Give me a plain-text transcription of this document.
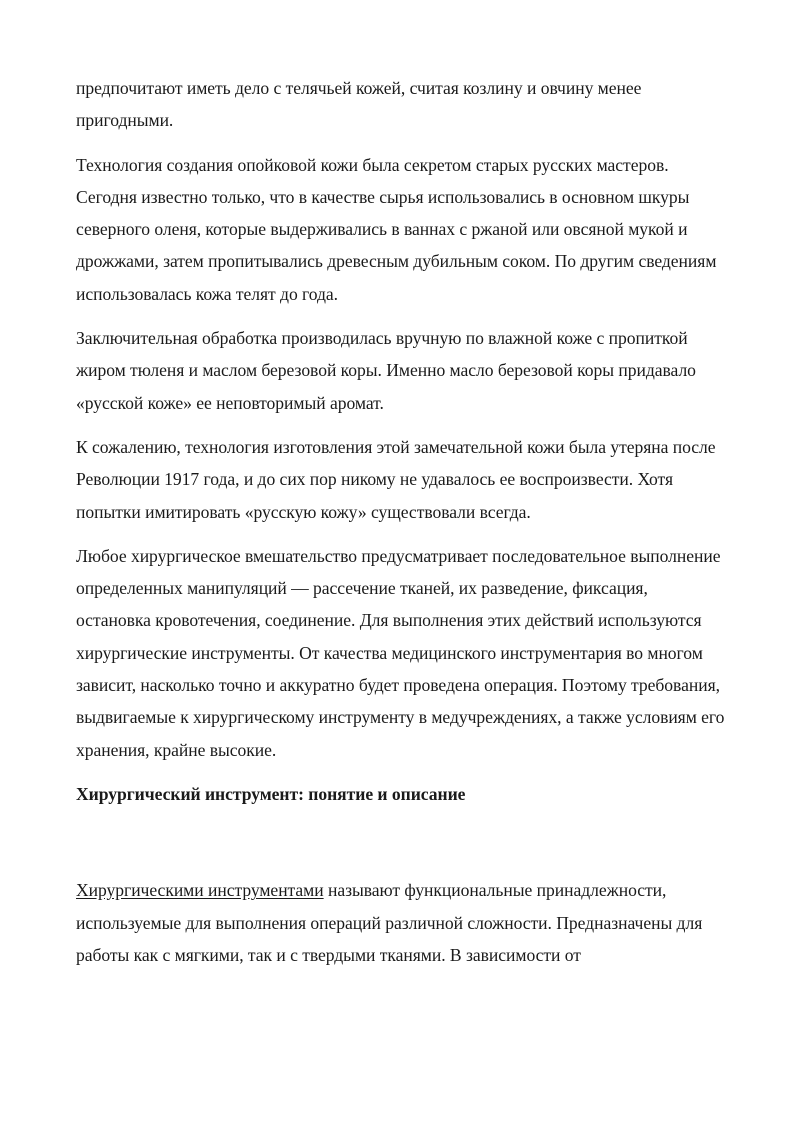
предпочитают иметь дело с телячьей кожей, считая козлину и овчину менее пригодными.

Технология создания опойковой кожи была секретом старых русских мастеров. Сегодня известно только, что в качестве сырья использовались в основном шкуры северного оленя, которые выдерживались в ваннах с ржаной или овсяной мукой и дрожжами, затем пропитывались древесным дубильным соком. По другим сведениям использовалась кожа телят до года.

Заключительная обработка производилась вручную по влажной коже с пропиткой жиром тюленя и маслом березовой коры. Именно масло березовой коры придавало «русской коже» ее неповторимый аромат.

К сожалению, технология изготовления этой замечательной кожи была утеряна после Революции 1917 года, и до сих пор никому не удавалось ее воспроизвести. Хотя попытки имитировать «русскую кожу» существовали всегда.

Любое хирургическое вмешательство предусматривает последовательное выполнение определенных манипуляций — рассечение тканей, их разведение, фиксация, остановка кровотечения, соединение. Для выполнения этих действий используются хирургические инструменты. От качества медицинского инструментария во многом зависит, насколько точно и аккуратно будет проведена операция. Поэтому требования, выдвигаемые к хирургическому инструменту в медучреждениях, а также условиям его хранения, крайне высокие.

Хирургический инструмент: понятие и описание

Хирургическими инструментами называют функциональные принадлежности, используемые для выполнения операций различной сложности. Предназначены для работы как с мягкими, так и с твердыми тканями. В зависимости от
